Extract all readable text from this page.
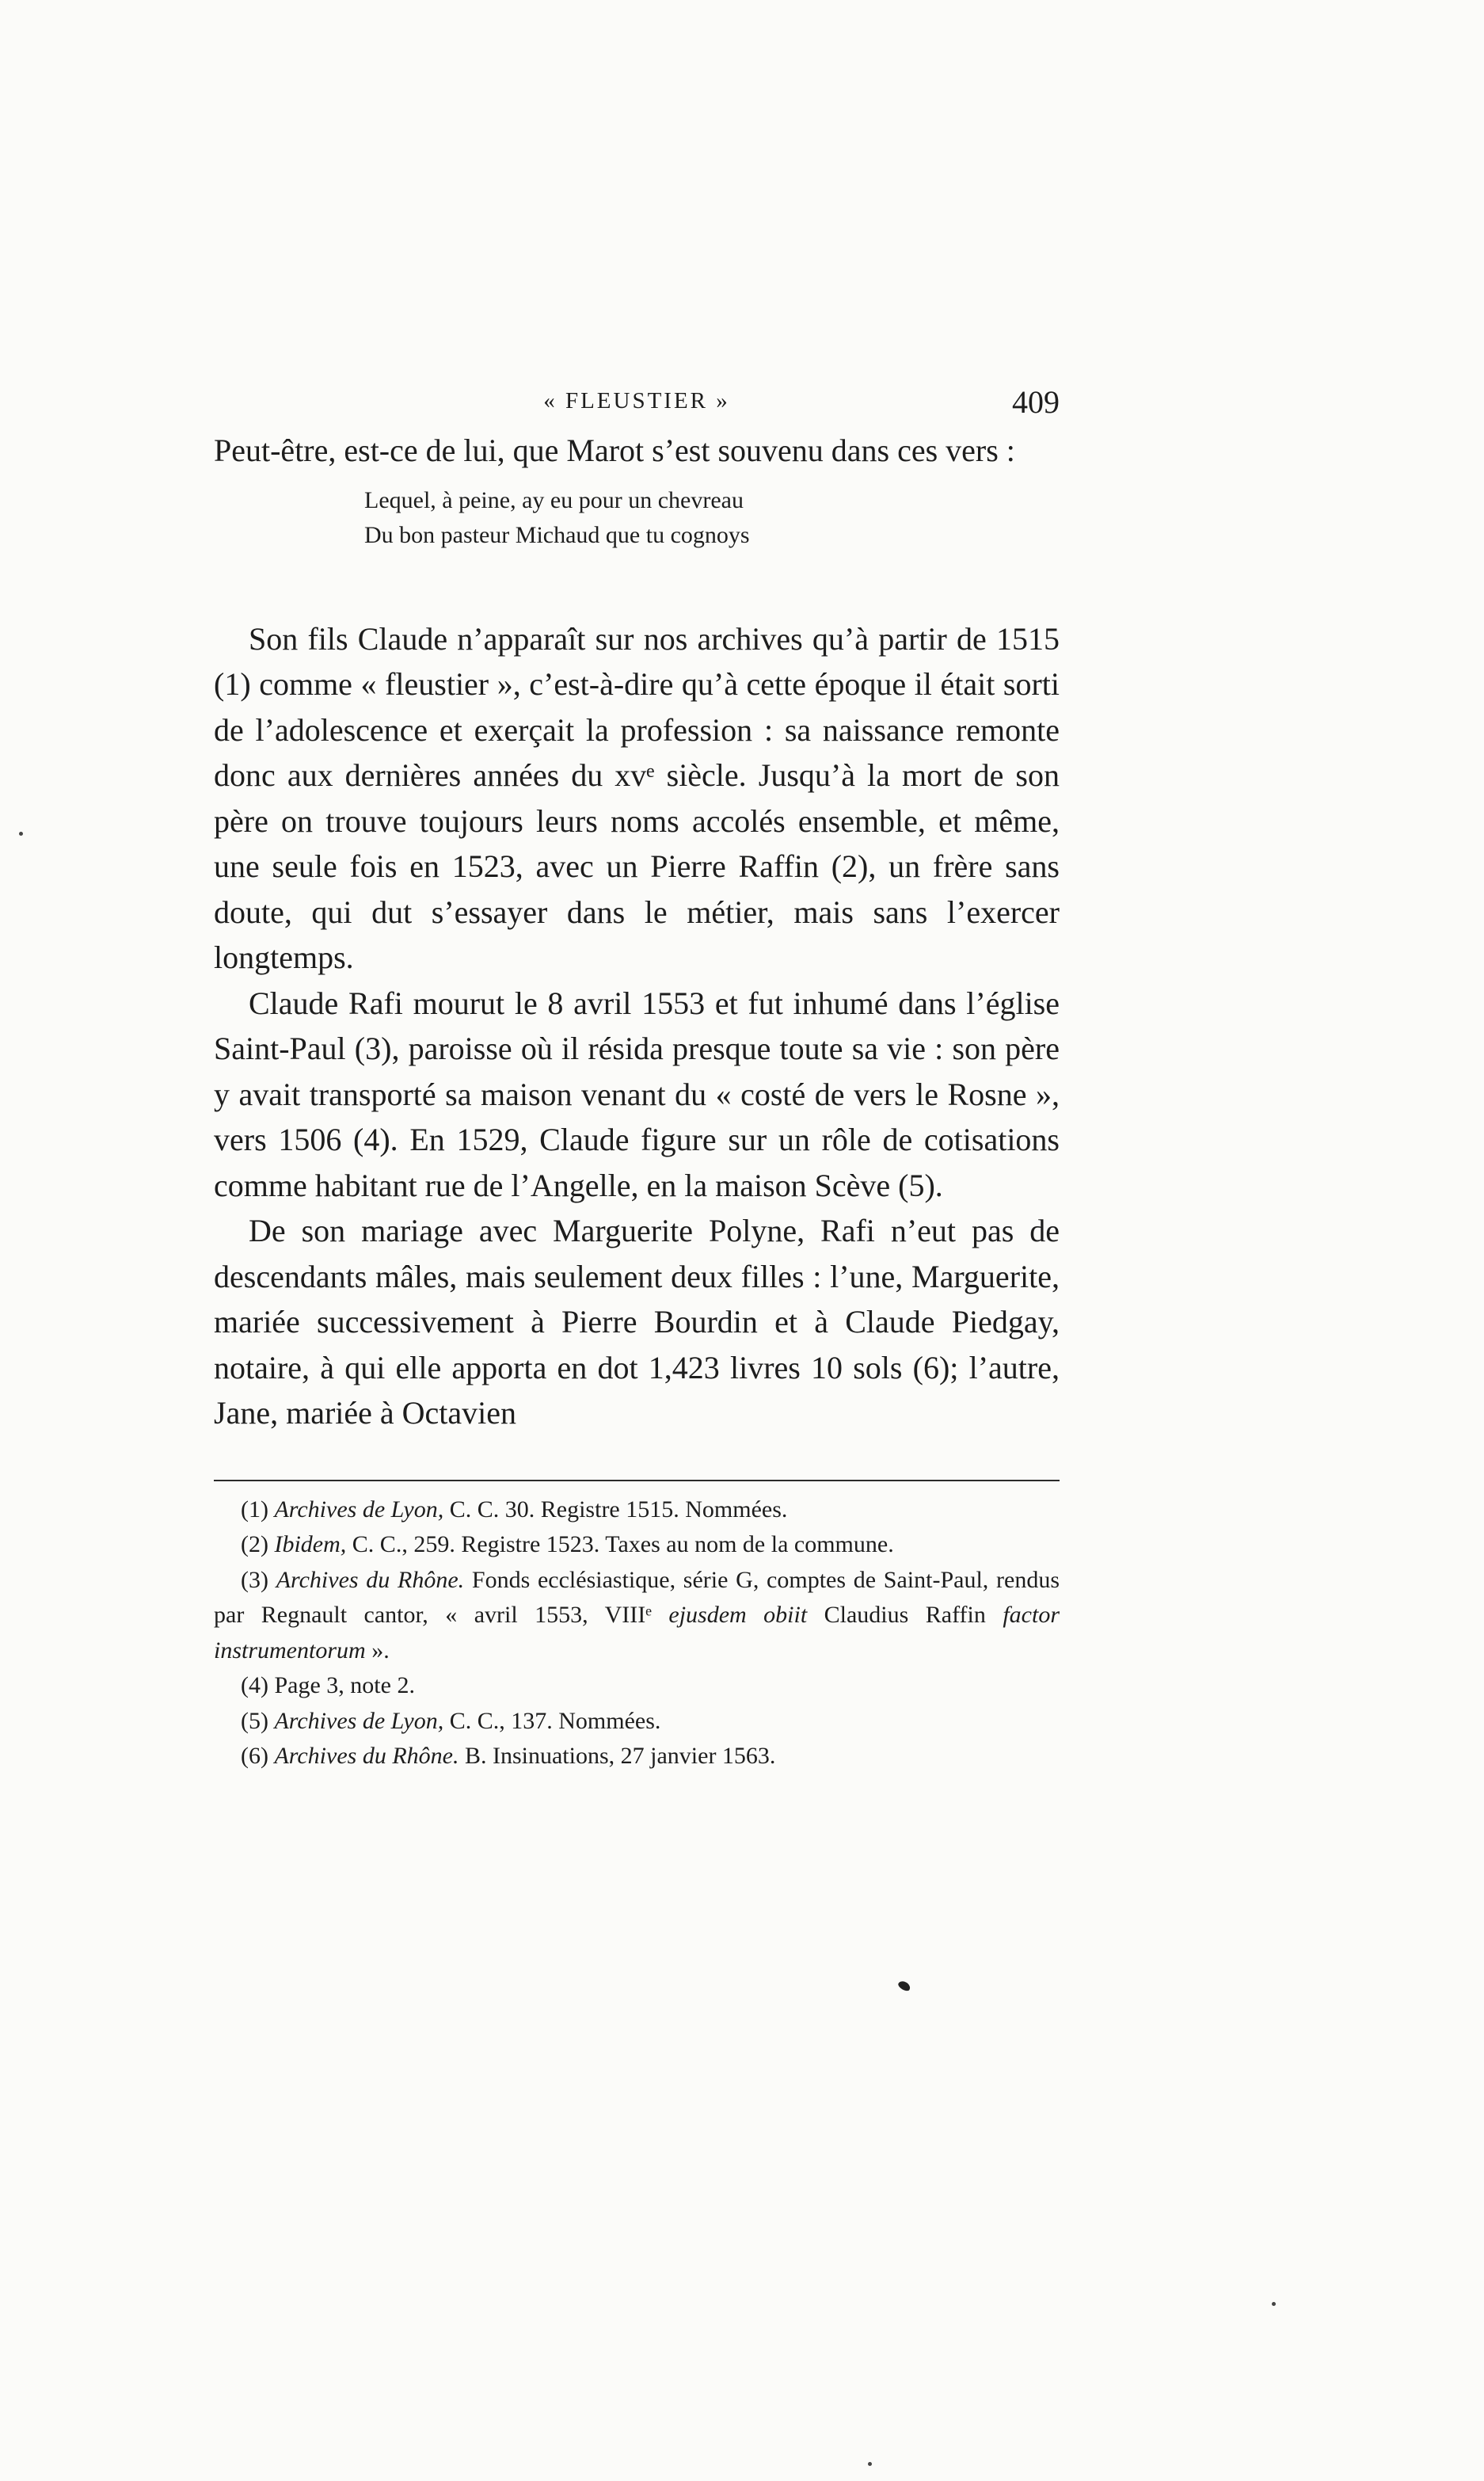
« FLEUSTIER »	409

Peut-être, est-ce de lui, que Marot s’est souvenu dans ces vers :

Lequel, à peine, ay eu pour un chevreau
Du bon pasteur Michaud que tu cognoys

Son fils Claude n’apparaît sur nos archives qu’à partir de 1515 (1) comme « fleustier », c’est-à-dire qu’à cette époque il était sorti de l’adolescence et exerçait la profession : sa naissance remonte donc aux dernières années du xvᵉ siècle. Jusqu’à la mort de son père on trouve toujours leurs noms accolés ensemble, et même, une seule fois en 1523, avec un Pierre Raffin (2), un frère sans doute, qui dut s’essayer dans le métier, mais sans l’exercer longtemps.

Claude Rafi mourut le 8 avril 1553 et fut inhumé dans l’église Saint-Paul (3), paroisse où il résida presque toute sa vie : son père y avait transporté sa maison venant du « costé de vers le Rosne », vers 1506 (4). En 1529, Claude figure sur un rôle de cotisations comme habitant rue de l’Angelle, en la maison Scève (5).

De son mariage avec Marguerite Polyne, Rafi n’eut pas de descendants mâles, mais seulement deux filles : l’une, Marguerite, mariée successivement à Pierre Bourdin et à Claude Piedgay, notaire, à qui elle apporta en dot 1,423 livres 10 sols (6); l’autre, Jane, mariée à Octavien

(1) Archives de Lyon, C. C. 30. Registre 1515. Nommées.
(2) Ibidem, C. C., 259. Registre 1523. Taxes au nom de la commune.
(3) Archives du Rhône. Fonds ecclésiastique, série G, comptes de Saint-Paul, rendus par Regnault cantor, « avril 1553, VIIIᵉ ejusdem obiit Claudius Raffin factor instrumentorum ».
(4) Page 3, note 2.
(5) Archives de Lyon, C. C., 137. Nommées.
(6) Archives du Rhône. B. Insinuations, 27 janvier 1563.
